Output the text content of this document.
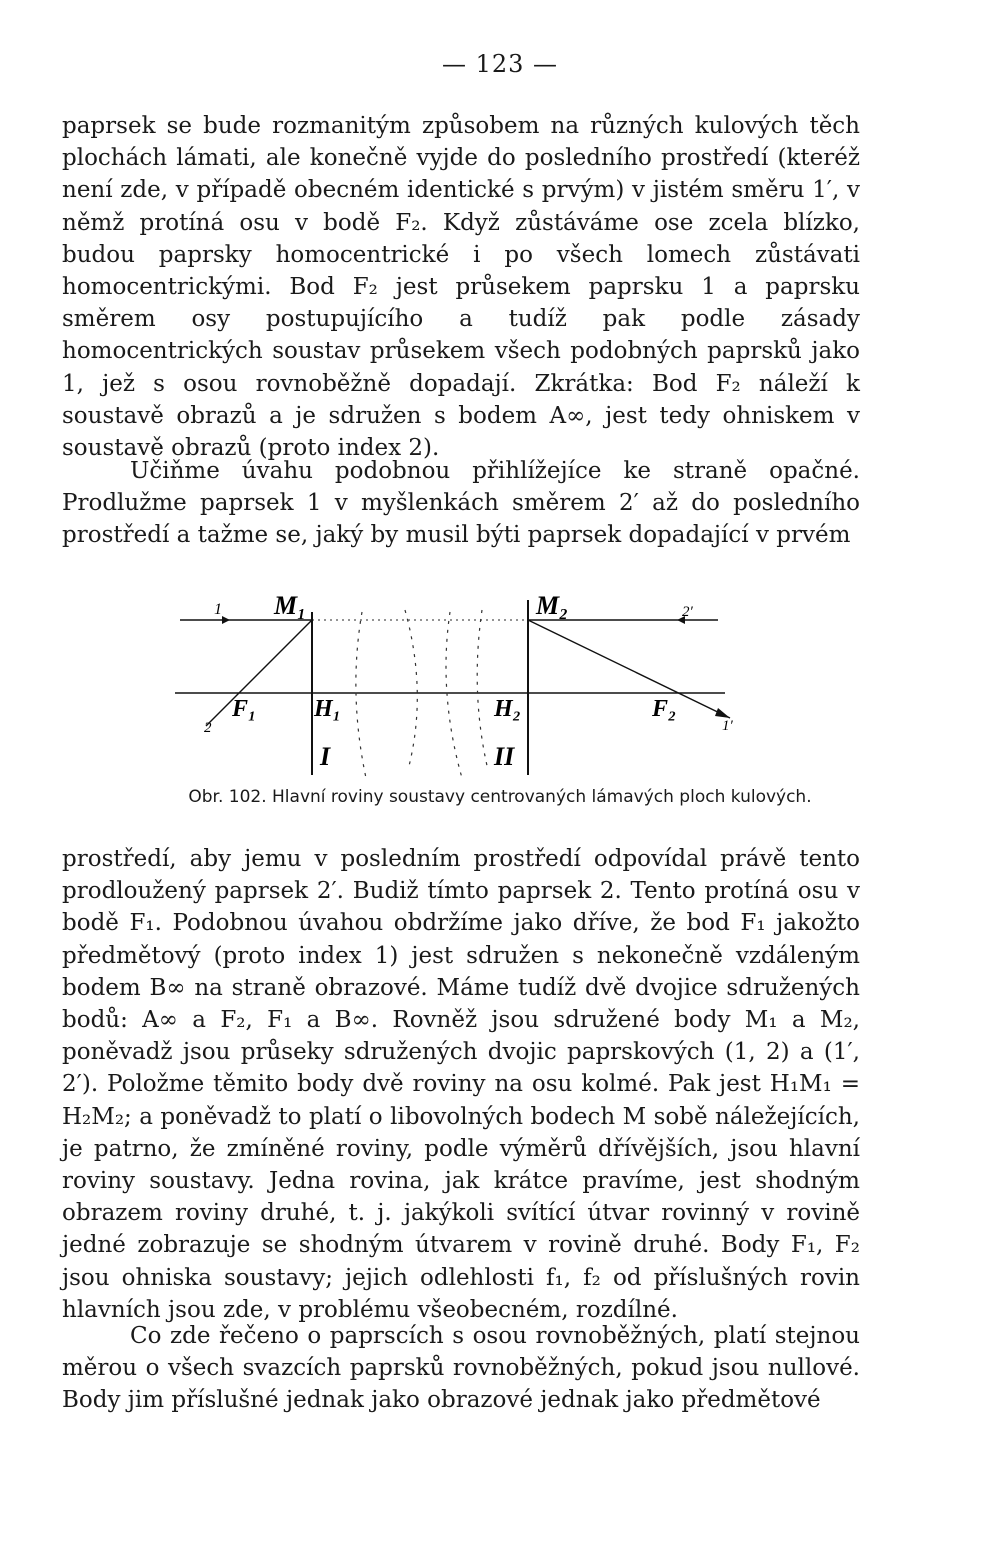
— 123 —

paprsek se bude rozmanitým způsobem na různých kulových těch plochách lámati, ale konečně vyjde do posledního prostředí (kteréž není zde, v případě obecném identické s prvým) v jistém směru 1′, v němž protíná osu v bodě F₂. Když zůstáváme ose zcela blízko, budou paprsky homocentrické i po všech lomech zůstávati homocentrickými. Bod F₂ jest průsekem paprsku 1 a paprsku směrem osy postupujícího a tudíž pak podle zásady homocentrických soustav průsekem všech podobných paprsků jako 1, jež s osou rovnoběžně dopadají. Zkrátka: Bod F₂ náleží k soustavě obrazů a je sdružen s bodem A∞, jest tedy ohniskem v soustavě obrazů (proto index 2).

Učiňme úvahu podobnou přihlížejíce ke straně opačné. Prodlužme paprsek 1 v myšlenkách směrem 2′ až do posledního prostředí a tažme se, jaký by musil býti paprsek dopadající v prvém

1 M₁	M₂	2′
2
F₁ H₁	H₂	F₂
1′
I	II
Obr. 102. Hlavní roviny soustavy centrovaných lámavých ploch kulových.

prostředí, aby jemu v posledním prostředí odpovídal právě tento prodloužený paprsek 2′. Budiž tímto paprsek 2. Tento protíná osu v bodě F₁. Podobnou úvahou obdržíme jako dříve, že bod F₁ jakožto předmětový (proto index 1) jest sdružen s nekonečně vzdáleným bodem B∞ na straně obrazové. Máme tudíž dvě dvojice sdružených bodů: A∞ a F₂, F₁ a B∞. Rovněž jsou sdružené body M₁ a M₂, poněvadž jsou průseky sdružených dvojic paprskových (1, 2) a (1′, 2′). Položme těmito body dvě roviny na osu kolmé. Pak jest H₁M₁ = H₂M₂; a poněvadž to platí o libovolných bodech M sobě náležejících, je patrno, že zmíněné roviny, podle výměrů dřívějších, jsou hlavní roviny soustavy. Jedna rovina, jak krátce pravíme, jest shodným obrazem roviny druhé, t. j. jakýkoli svítící útvar rovinný v rovině jedné zobrazuje se shodným útvarem v rovině druhé. Body F₁, F₂ jsou ohniska soustavy; jejich odlehlosti f₁, f₂ od příslušných rovin hlavních jsou zde, v problému všeobecném, rozdílné.

Co zde řečeno o paprscích s osou rovnoběžných, platí stejnou měrou o všech svazcích paprsků rovnoběžných, pokud jsou nullové. Body jim příslušné jednak jako obrazové jednak jako předmětové
